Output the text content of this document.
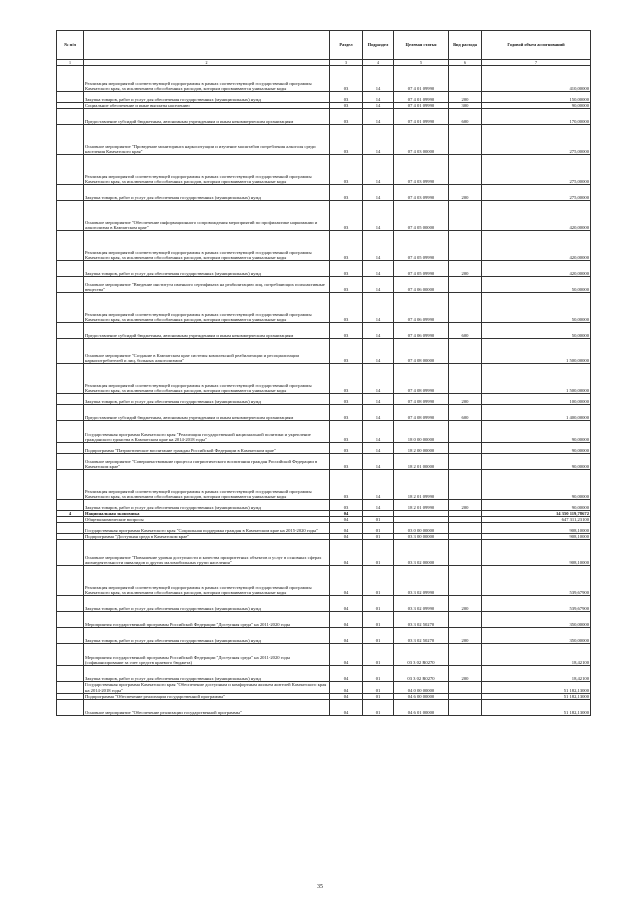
№ п/п		Раздел	Подраздел	Целевая статья	Вид расхода	Годовой объем ассигнований
1	2	3	4	5	6	7
	Реализация мероприятий соответствующей подпрограммы в рамках соответствующей государственной программы Камчатского края, за исключением обособленных расходов, которым присваиваются уникальные коды	03	14	07 4 01 09990		410,00000
	Закупка товаров, работ и услуг для обеспечения государственных (муниципальных) нужд	03	14	07 4 01 09990	200	150,00000
	Социальное обеспечение и иные выплаты населению	03	14	07 4 01 09990	300	90,00000
	Предоставление субсидий бюджетным, автономным учреждениям и иным некоммерческим организациям	03	14	07 4 01 09990	600	170,00000
	Основное мероприятие "Проведение мониторинга наркоситуации и изучение масштабов потребления алкоголя среди населения Камчатского края"	03	14	07 4 03 00000		275,00000
	Реализация мероприятий соответствующей подпрограммы в рамках соответствующей государственной программы Камчатского края, за исключением обособленных расходов, которым присваиваются уникальные коды	03	14	07 4 03 09990		275,00000
	Закупка товаров, работ и услуг для обеспечения государственных (муниципальных) нужд	03	14	07 4 03 09990	200	275,00000
	Основное мероприятие "Обеспечение информационного сопровождения мероприятий по профилактике наркомании и алкоголизма в Камчатском крае"	03	14	07 4 05 00000		420,00000
	Реализация мероприятий соответствующей подпрограммы в рамках соответствующей государственной программы Камчатского края, за исключением обособленных расходов, которым присваиваются уникальные коды	03	14	07 4 05 09990		420,00000
	Закупка товаров, работ и услуг для обеспечения государственных (муниципальных) нужд	03	14	07 4 05 09990	200	420,00000
	Основное мероприятие "Введение института именного сертификата на реабилитацию лиц, потребляющих психоактивные вещества"	03	14	07 4 06 00000		50,00000
	Реализация мероприятий соответствующей подпрограммы в рамках соответствующей государственной программы Камчатского края, за исключением обособленных расходов, которым присваиваются уникальные коды	03	14	07 4 06 09990		50,00000
	Предоставление субсидий бюджетным, автономным учреждениям и иным некоммерческим организациям	03	14	07 4 06 09990	600	50,00000
	Основное мероприятие "Создание в Камчатском крае системы комплексной реабилитации и ресоциализации наркопотребителей и лиц, больных алкоголизмом"	03	14	07 4 08 00000		1 500,00000
	Реализация мероприятий соответствующей подпрограммы в рамках соответствующей государственной программы Камчатского края, за исключением обособленных расходов, которым присваиваются уникальные коды	03	14	07 4 08 09990		1 500,00000
	Закупка товаров, работ и услуг для обеспечения государственных (муниципальных) нужд	03	14	07 4 08 09990	200	100,00000
	Предоставление субсидий бюджетным, автономным учреждениям и иным некоммерческим организациям	03	14	07 4 08 09990	600	1 400,00000
	Государственная программа Камчатского края "Реализация государственной национальной политики и укрепление гражданского единства в Камчатском крае на 2014-2018 годы"	03	14	18 0 00 00000		90,00000
	Подпрограмма "Патриотическое воспитание граждан Российской Федерации в Камчатском крае"	03	14	18 2 00 00000		90,00000
	Основное мероприятие "Совершенствование процесса патриотического воспитания граждан Российской Федерации в Камчатском крае"	03	14	18 2 01 00000		90,00000
	Реализация мероприятий соответствующей подпрограммы в рамках соответствующей государственной программы Камчатского края, за исключением обособленных расходов, которым присваиваются уникальные коды	03	14	18 2 01 09990		90,00000
	Закупка товаров, работ и услуг для обеспечения государственных (муниципальных) нужд	03	14	18 2 01 09990	200	90,00000
4	Национальная экономика	04				14 350 119,78672
	Общеэкономические вопросы	04	01			647 311,23100
	Государственная программа Камчатского края "Социальная поддержка граждан в Камчатском крае на 2015-2020 годы"	04	01	03 0 00 00000		908,10000
	Подпрограмма "Доступная среда в Камчатском крае"	04	01	03 3 00 00000		908,10000
	Основное мероприятие "Повышение уровня доступности и качества приоритетных объектов и услуг в основных сферах жизнедеятельности инвалидов и других маломобильных групп населения"	04	01	03 3 02 00000		908,10000
	Реализация мероприятий соответствующей подпрограммы в рамках соответствующей государственной программы Камчатского края, за исключением обособленных расходов, которым присваиваются уникальные коды	04	01	03 3 02 09990		539,67900
	Закупка товаров, работ и услуг для обеспечения государственных (муниципальных) нужд	04	01	03 3 02 09990	200	539,67900
	Мероприятия государственной программы Российской Федерации "Доступная среда" на 2011-2020 годы	04	01	03 3 02 50270		350,00000
	Закупка товаров, работ и услуг для обеспечения государственных (муниципальных) нужд	04	01	03 3 02 50270	200	350,00000
	Мероприятия государственной программы Российской Федерации "Доступная среда" на 2011-2020 годы (софинансирование за счет средств краевого бюджета)	04	01	03 3 02 R0270		18,42100
	Закупка товаров, работ и услуг для обеспечения государственных (муниципальных) нужд	04	01	03 3 02 R0270	200	18,42100
	Государственная программа Камчатского края "Обеспечение доступным и комфортным жильем жителей Камчатского края на 2014-2018 годы"	04	01	04 0 00 00000		51 182,13000
	Подпрограмма "Обеспечение реализации государственной программы"	04	01	04 6 00 00000		51 182,13000
	Основное мероприятие "Обеспечение реализации государственной программы"	04	01	04 6 01 00000		51 182,13000
35
